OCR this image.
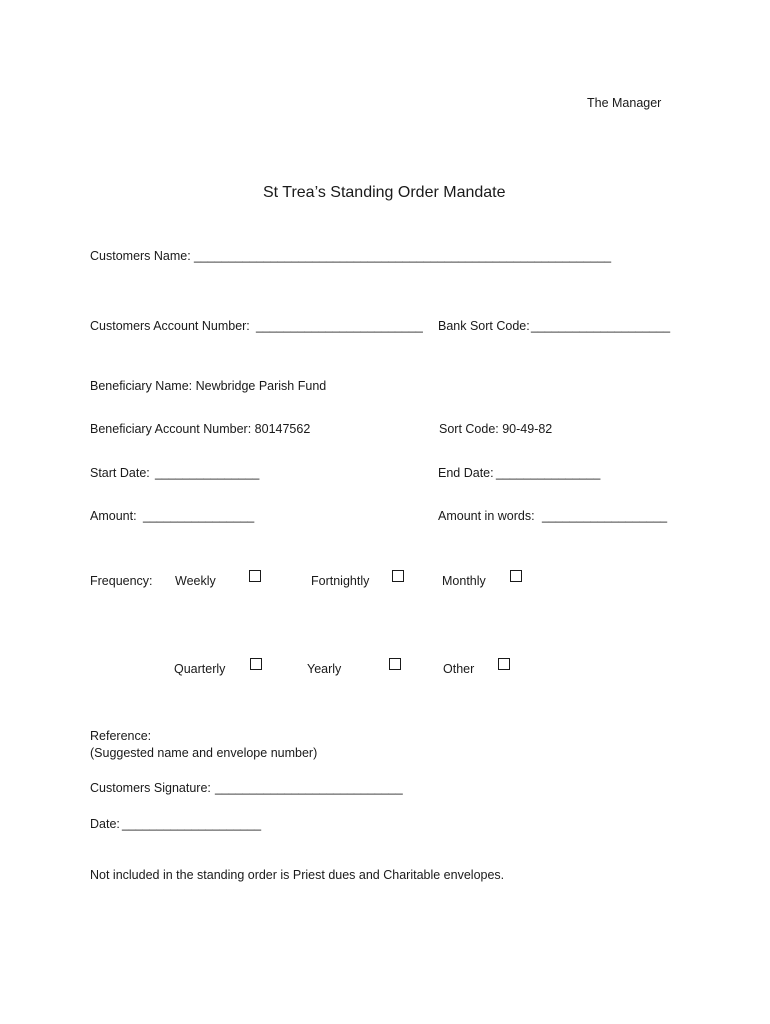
The Manager
St Trea’s Standing Order Mandate
Customers Name: ____________________________________________________________
Customers Account Number: ________________________ Bank Sort Code: ____________________
Beneficiary Name: Newbridge Parish Fund
Beneficiary Account Number: 80147562	Sort Code: 90-49-82
Start Date: _______________	End Date: _______________
Amount: ________________	Amount in words: __________________
Frequency: Weekly	Fortnightly	Monthly
Quarterly	Yearly	Other
Reference:
(Suggested name and envelope number)
Customers Signature: ___________________________
Date: ____________________
Not included in the standing order is Priest dues and Charitable envelopes.
